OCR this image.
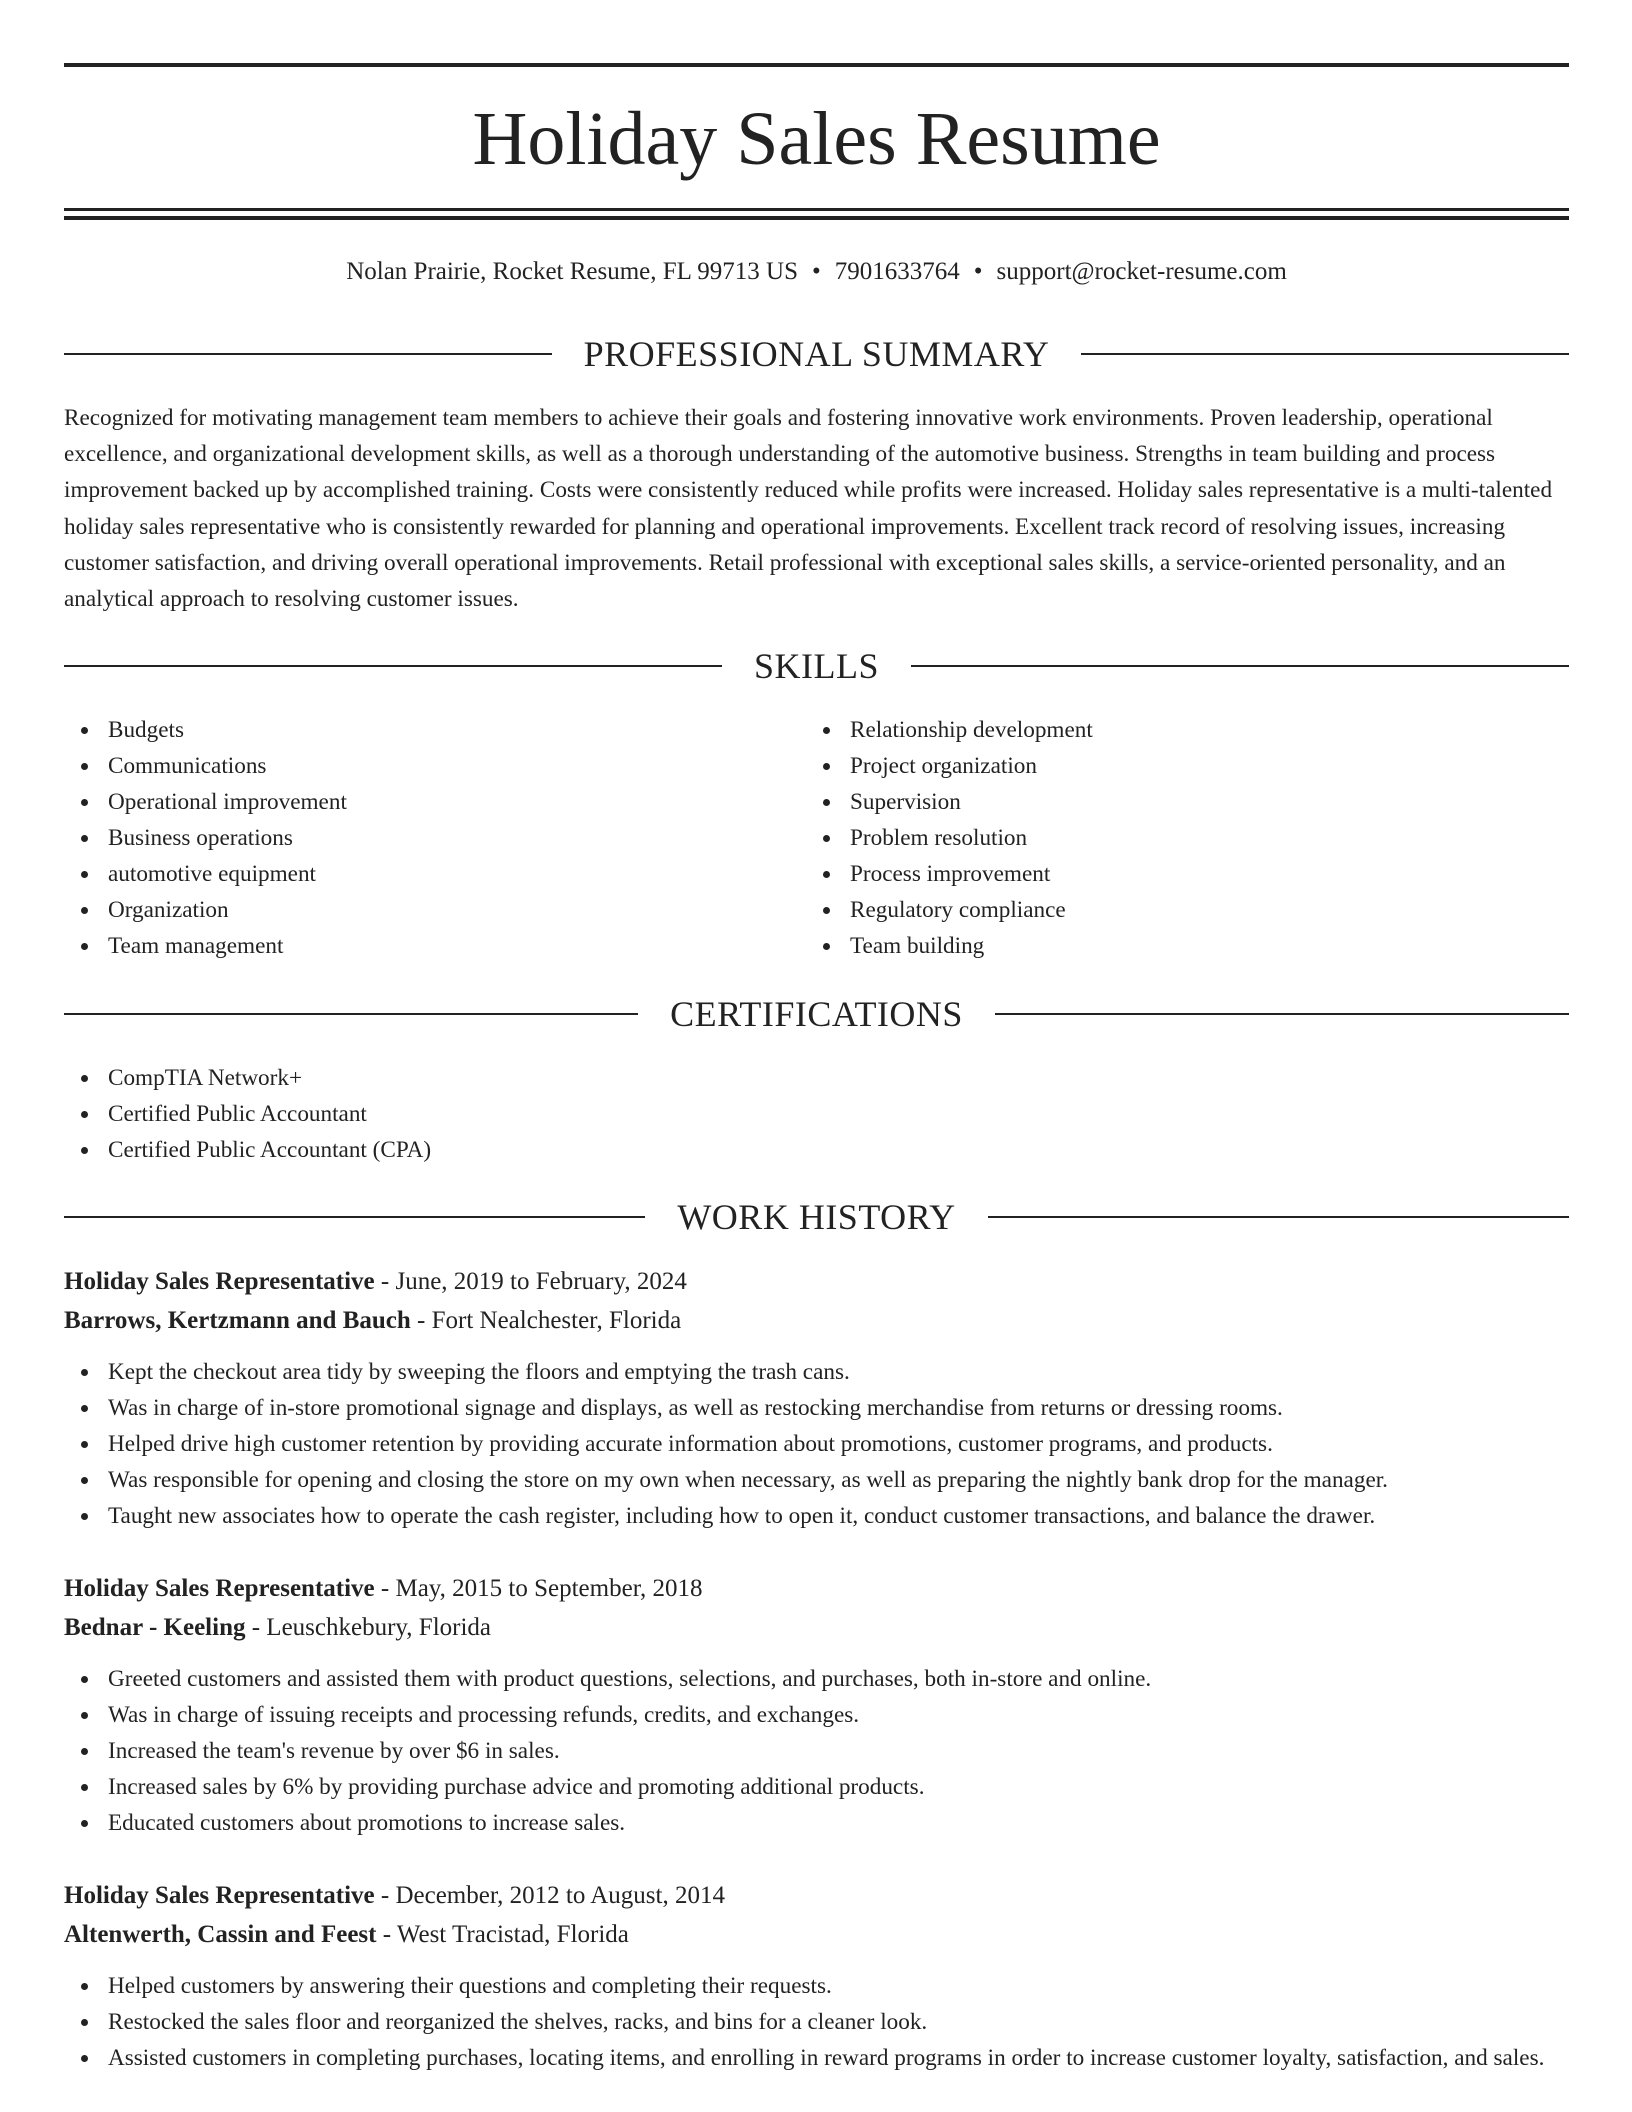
Holiday Sales Resume
Nolan Prairie, Rocket Resume, FL 99713 US • 7901633764 • support@rocket-resume.com
PROFESSIONAL SUMMARY

Recognized for motivating management team members to achieve their goals and fostering innovative work environments. Proven leadership, operational excellence, and organizational development skills, as well as a thorough understanding of the automotive business. Strengths in team building and process improvement backed up by accomplished training. Costs were consistently reduced while profits were increased. Holiday sales representative is a multi-talented holiday sales representative who is consistently rewarded for planning and operational improvements. Excellent track record of resolving issues, increasing customer satisfaction, and driving overall operational improvements. Retail professional with exceptional sales skills, a service-oriented personality, and an analytical approach to resolving customer issues.

SKILLS
Budgets
Communications
Operational improvement
Business operations
automotive equipment
Organization
Team management
Relationship development
Project organization
Supervision
Problem resolution
Process improvement
Regulatory compliance
Team building
CERTIFICATIONS
CompTIA Network+
Certified Public Accountant
Certified Public Accountant (CPA)
WORK HISTORY
Holiday Sales Representative - June, 2019 to February, 2024
Barrows, Kertzmann and Bauch - Fort Nealchester, Florida
Kept the checkout area tidy by sweeping the floors and emptying the trash cans.
Was in charge of in-store promotional signage and displays, as well as restocking merchandise from returns or dressing rooms.
Helped drive high customer retention by providing accurate information about promotions, customer programs, and products.
Was responsible for opening and closing the store on my own when necessary, as well as preparing the nightly bank drop for the manager.
Taught new associates how to operate the cash register, including how to open it, conduct customer transactions, and balance the drawer.
Holiday Sales Representative - May, 2015 to September, 2018
Bednar - Keeling - Leuschkebury, Florida
Greeted customers and assisted them with product questions, selections, and purchases, both in-store and online.
Was in charge of issuing receipts and processing refunds, credits, and exchanges.
Increased the team's revenue by over $6 in sales.
Increased sales by 6% by providing purchase advice and promoting additional products.
Educated customers about promotions to increase sales.
Holiday Sales Representative - December, 2012 to August, 2014
Altenwerth, Cassin and Feest - West Tracistad, Florida
Helped customers by answering their questions and completing their requests.
Restocked the sales floor and reorganized the shelves, racks, and bins for a cleaner look.
Assisted customers in completing purchases, locating items, and enrolling in reward programs in order to increase customer loyalty, satisfaction, and sales.
